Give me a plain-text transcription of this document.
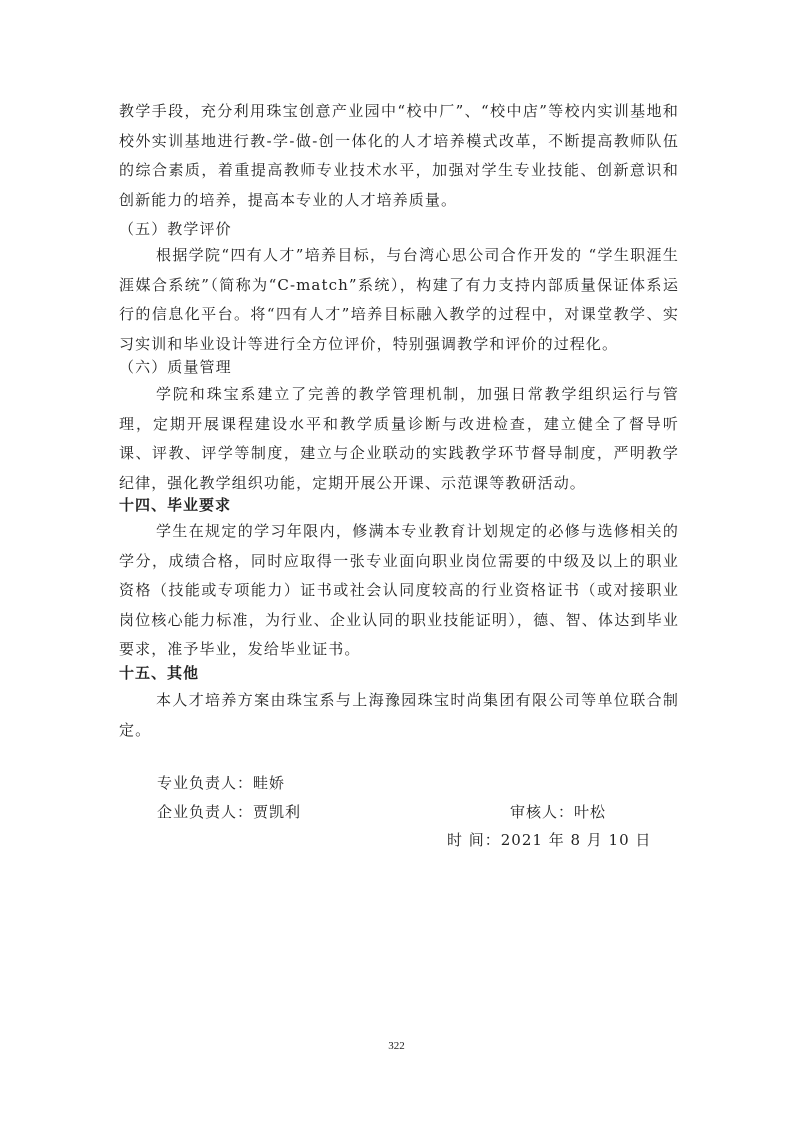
教学手段，充分利用珠宝创意产业园中“校中厂”、“校中店”等校内实训基地和校外实训基地进行教-学-做-创一体化的人才培养模式改革，不断提高教师队伍的综合素质，着重提高教师专业技术水平，加强对学生专业技能、创新意识和创新能力的培养，提高本专业的人才培养质量。

（五）教学评价

根据学院“四有人才”培养目标，与台湾心思公司合作开发的 “学生职涯生涯媒合系统”（简称为“C-match”系统），构建了有力支持内部质量保证体系运行的信息化平台。将“四有人才”培养目标融入教学的过程中，对课堂教学、实习实训和毕业设计等进行全方位评价，特别强调教学和评价的过程化。

（六）质量管理

学院和珠宝系建立了完善的教学管理机制，加强日常教学组织运行与管理，定期开展课程建设水平和教学质量诊断与改进检查，建立健全了督导听课、评教、评学等制度，建立与企业联动的实践教学环节督导制度，严明教学纪律，强化教学组织功能，定期开展公开课、示范课等教研活动。

十四、毕业要求

学生在规定的学习年限内，修满本专业教育计划规定的必修与选修相关的学分，成绩合格，同时应取得一张专业面向职业岗位需要的中级及以上的职业资格（技能或专项能力）证书或社会认同度较高的行业资格证书（或对接职业岗位核心能力标准，为行业、企业认同的职业技能证明），德、智、体达到毕业要求，准予毕业，发给毕业证书。

十五、其他

本人才培养方案由珠宝系与上海豫园珠宝时尚集团有限公司等单位联合制定。

专业负责人：畦娇

企业负责人：贾凯利	审核人：叶松

时 间：2021 年 8 月 10 日

322
